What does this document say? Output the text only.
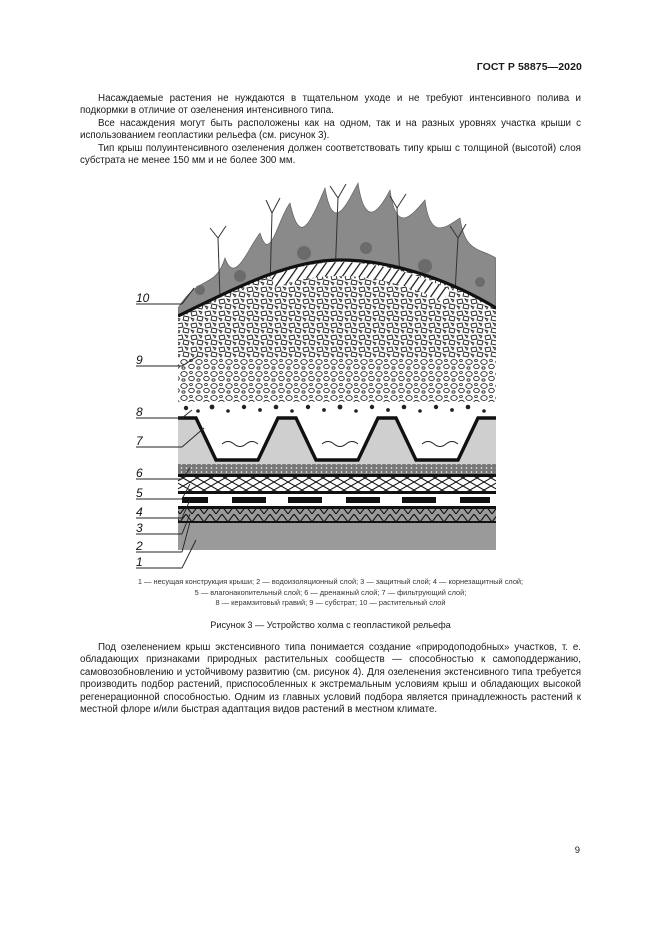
ГОСТ Р 58875—2020

Насаждаемые растения не нуждаются в тщательном уходе и не требуют интенсивного полива и подкормки в отличие от озеленения интенсивного типа.

Все насаждения могут быть расположены как на одном, так и на разных уровнях участка крыши с использованием геопластики рельефа (см. рисунок 3).

Тип крыш полуинтенсивного озеленения должен соответствовать типу крыш с толщиной (высотой) слоя субстрата не менее 150 мм и не более 300 мм.

10
9
8
7
6
5
4
3
2
1
1 — несущая конструкция крыши; 2 — водоизоляционный слой; 3 — защитный слой; 4 — корнезащитный слой;
5 — влагонакопительный слой; 6 — дренажный слой; 7 — фильтрующий слой;
8 — керамзитовый гравий; 9 — субстрат; 10 — растительный слой
Рисунок 3 — Устройство холма с геопластикой рельефа

Под озеленением крыш экстенсивного типа понимается создание «природоподобных» участков, т. е. обладающих признаками природных растительных сообществ — способностью к самоподдержанию, самовозобновлению и устойчивому развитию (см. рисунок 4). Для озеленения экстенсивного типа требуется производить подбор растений, приспособленных к экстремальным условиям крыш и обладающих высокой регенерационной способностью. Одним из главных условий подбора является принадлежность растений к местной флоре и/или быстрая адаптация видов растений в местном климате.

9
